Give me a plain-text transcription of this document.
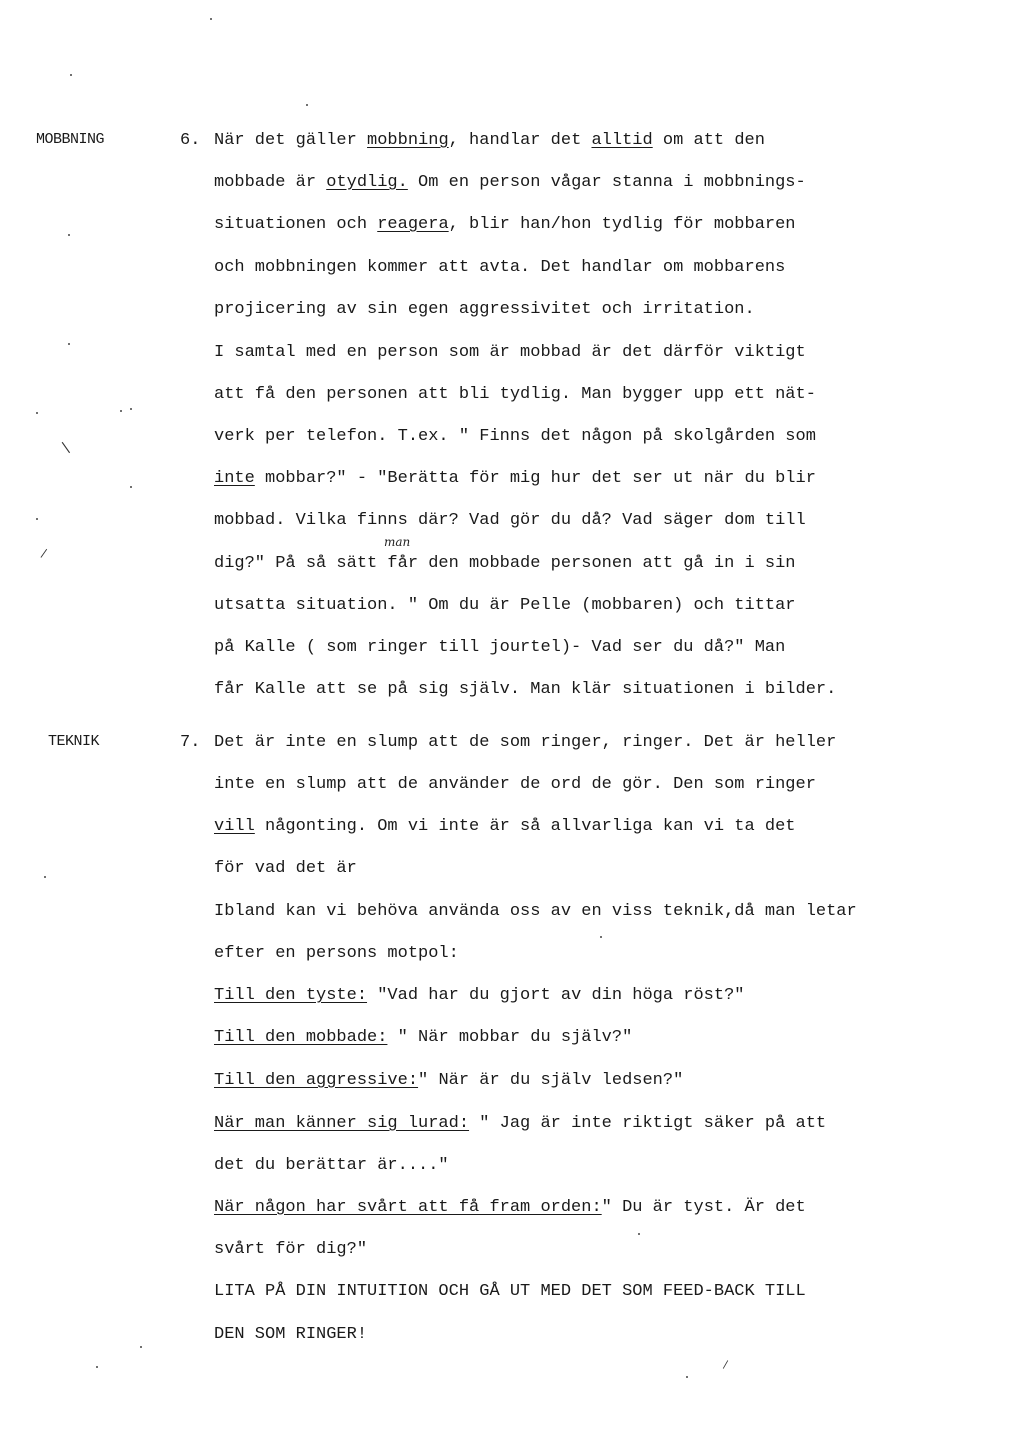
MOBBNING
TEKNIK
6. När det gäller mobbning, handlar det alltid om att den
mobbade är otydlig. Om en person vågar stanna i mobbnings-
situationen och reagera, blir han/hon tydlig för mobbaren
och mobbningen kommer att avta. Det handlar om mobbarens
projicering av sin egen aggressivitet och irritation.
I samtal med en person som är mobbad är det därför viktigt
att få den personen att bli tydlig. Man bygger upp ett nät-
verk per telefon. T.ex. " Finns det någon på skolgården som
inte mobbar?" - "Berätta för mig hur det ser ut när du blir
mobbad. Vilka finns där? Vad gör du då? Vad säger dom till
man
dig?" På så sätt får den mobbade personen att gå in i sin
utsatta situation. " Om du är Pelle (mobbaren) och tittar
på Kalle ( som ringer till jourtel)- Vad ser du då?" Man
får Kalle att se på sig själv. Man klär situationen i bilder.
7. Det är inte en slump att de som ringer, ringer. Det är heller
inte en slump att de använder de ord de gör. Den som ringer
vill någonting. Om vi inte är så allvarliga kan vi ta det
för vad det är
Ibland kan vi behöva använda oss av en viss teknik,då man letar
efter en persons motpol:
Till den tyste: "Vad har du gjort av din höga röst?"
Till den mobbade: " När mobbar du själv?"
Till den aggressive:" När är du själv ledsen?"
När man känner sig lurad: " Jag är inte riktigt säker på att
det du berättar är...."
När någon har svårt att få fram orden:" Du är tyst. Är det
svårt för dig?"
LITA PÅ DIN INTUITION OCH GÅ UT MED DET SOM FEED-BACK TILL
DEN SOM RINGER!
|
|
|
